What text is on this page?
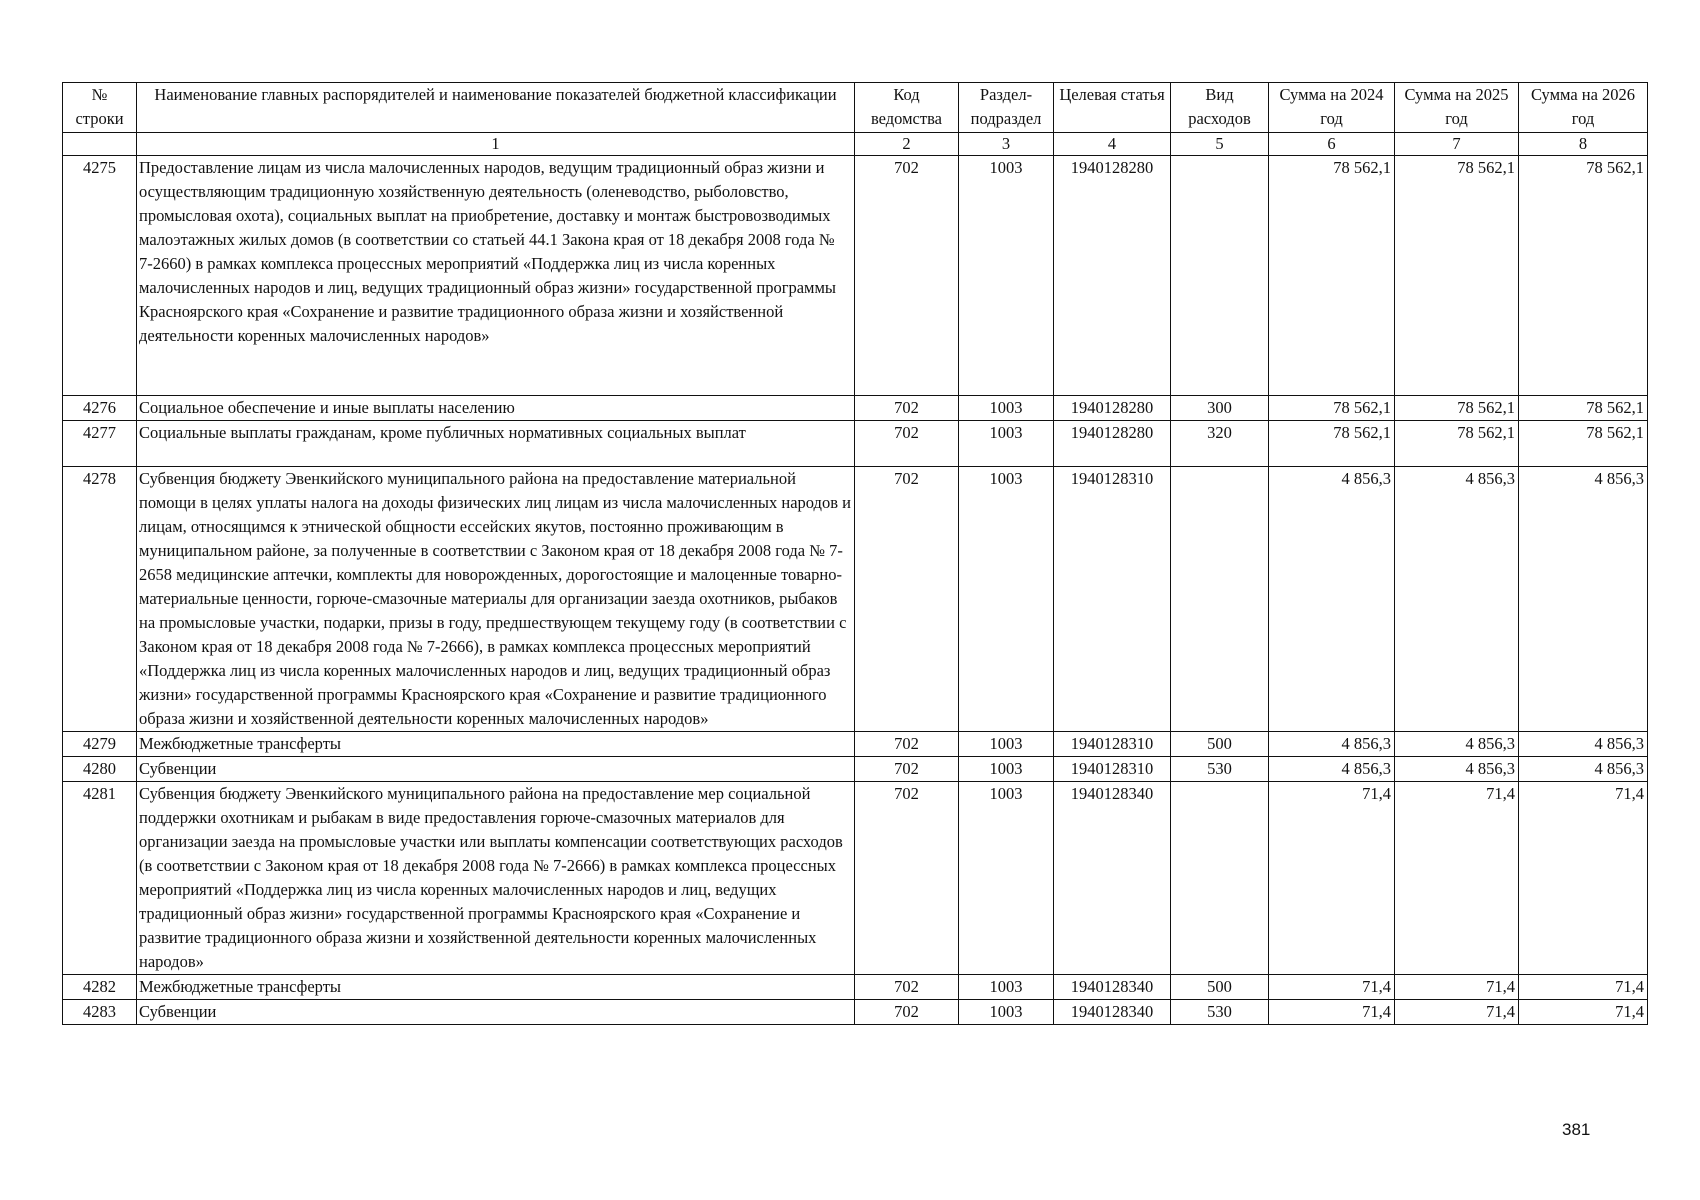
№ строки	Наименование главных распорядителей и наименование показателей бюджетной классификации	Код ведомства	Раздел-подраздел	Целевая статья	Вид расходов	Сумма на 2024 год	Сумма на 2025 год	Сумма на 2026 год
	1	2	3	4	5	6	7	8
4275	Предоставление лицам из числа малочисленных народов, ведущим традиционный образ жизни и осуществляющим традиционную хозяйственную деятельность (оленеводство, рыболовство, промысловая охота), социальных выплат на приобретение, доставку и монтаж быстровозводимых малоэтажных жилых домов (в соответствии со статьей 44.1 Закона края от 18 декабря 2008 года № 7-2660) в рамках комплекса процессных мероприятий «Поддержка лиц из числа коренных малочисленных народов и лиц, ведущих традиционный образ жизни» государственной программы Красноярского края «Сохранение и развитие традиционного образа жизни и хозяйственной деятельности коренных малочисленных народов»	702	1003	1940128280		78 562,1	78 562,1	78 562,1
4276	Социальное обеспечение и иные выплаты населению	702	1003	1940128280	300	78 562,1	78 562,1	78 562,1
4277	Социальные выплаты гражданам, кроме публичных нормативных социальных выплат	702	1003	1940128280	320	78 562,1	78 562,1	78 562,1
4278	Субвенция бюджету Эвенкийского муниципального района на предоставление материальной помощи в целях уплаты налога на доходы физических лиц лицам из числа малочисленных народов и лицам, относящимся к этнической общности ессейских якутов, постоянно проживающим в муниципальном районе, за полученные в соответствии с Законом края от 18 декабря 2008 года № 7-2658 медицинские аптечки, комплекты для новорожденных, дорогостоящие и малоценные товарно-материальные ценности, горюче-смазочные материалы для организации заезда охотников, рыбаков на промысловые участки, подарки, призы в году, предшествующем текущему году (в соответствии с Законом края от 18 декабря 2008 года № 7-2666), в рамках комплекса процессных мероприятий «Поддержка лиц из числа коренных малочисленных народов и лиц, ведущих традиционный образ жизни» государственной программы Красноярского края «Сохранение и развитие традиционного образа жизни и хозяйственной деятельности коренных малочисленных народов»	702	1003	1940128310		4 856,3	4 856,3	4 856,3
4279	Межбюджетные трансферты	702	1003	1940128310	500	4 856,3	4 856,3	4 856,3
4280	Субвенции	702	1003	1940128310	530	4 856,3	4 856,3	4 856,3
4281	Субвенция бюджету Эвенкийского муниципального района на предоставление мер социальной поддержки охотникам и рыбакам в виде предоставления горюче-смазочных материалов для организации заезда на промысловые участки или выплаты компенсации соответствующих расходов (в соответствии с Законом края от 18 декабря 2008 года № 7-2666) в рамках комплекса процессных мероприятий «Поддержка лиц из числа коренных малочисленных народов и лиц, ведущих традиционный образ жизни» государственной программы Красноярского края «Сохранение и развитие традиционного образа жизни и хозяйственной деятельности коренных малочисленных народов»	702	1003	1940128340		71,4	71,4	71,4
4282	Межбюджетные трансферты	702	1003	1940128340	500	71,4	71,4	71,4
4283	Субвенции	702	1003	1940128340	530	71,4	71,4	71,4
381
